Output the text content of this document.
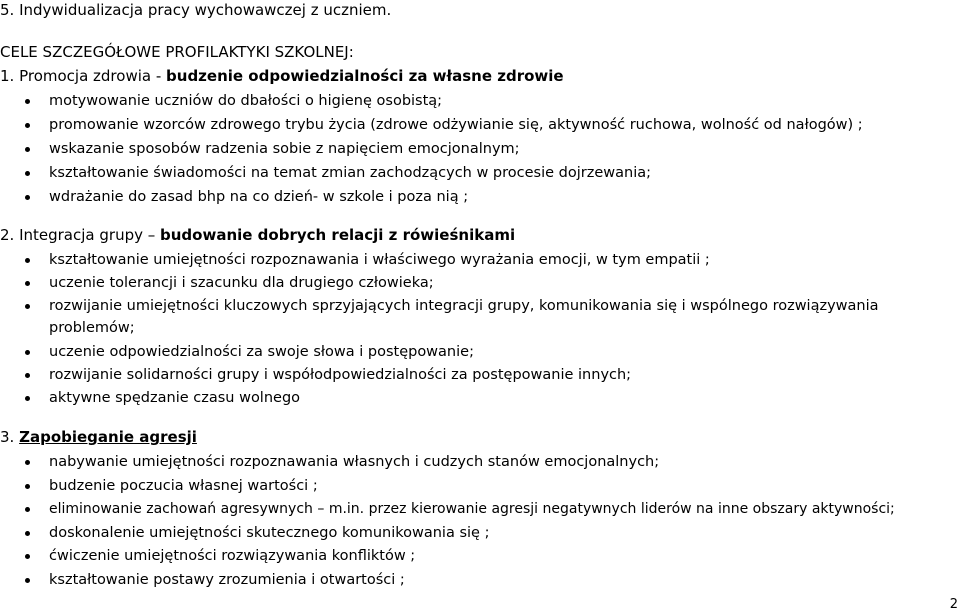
5. Indywidualizacja pracy wychowawczej z uczniem.
CELE SZCZEGÓŁOWE PROFILAKTYKI SZKOLNEJ:
1. Promocja zdrowia - budzenie odpowiedzialności za własne zdrowie
motywowanie uczniów do dbałości o higienę osobistą;
promowanie wzorców zdrowego trybu życia (zdrowe odżywianie się, aktywność ruchowa, wolność od nałogów) ;
wskazanie sposobów radzenia sobie z napięciem emocjonalnym;
kształtowanie świadomości na temat zmian zachodzących w procesie dojrzewania;
wdrażanie do zasad bhp na co dzień- w szkole i poza nią ;
2. Integracja grupy – budowanie dobrych relacji z rówieśnikami
kształtowanie umiejętności rozpoznawania i właściwego wyrażania emocji, w tym empatii ;
uczenie tolerancji i szacunku dla drugiego człowieka;
rozwijanie umiejętności kluczowych sprzyjających integracji grupy, komunikowania się i wspólnego rozwiązywania
problemów;
uczenie odpowiedzialności za swoje słowa i postępowanie;
rozwijanie solidarności grupy i współodpowiedzialności za postępowanie innych;
aktywne spędzanie czasu wolnego
3. Zapobieganie agresji
nabywanie umiejętności rozpoznawania własnych i cudzych stanów emocjonalnych;
budzenie poczucia własnej wartości ;
eliminowanie zachowań agresywnych – m.in. przez kierowanie agresji negatywnych liderów na inne obszary aktywności;
doskonalenie umiejętności skutecznego komunikowania się ;
ćwiczenie umiejętności rozwiązywania konfliktów ;
kształtowanie postawy zrozumienia i otwartości ;
2
